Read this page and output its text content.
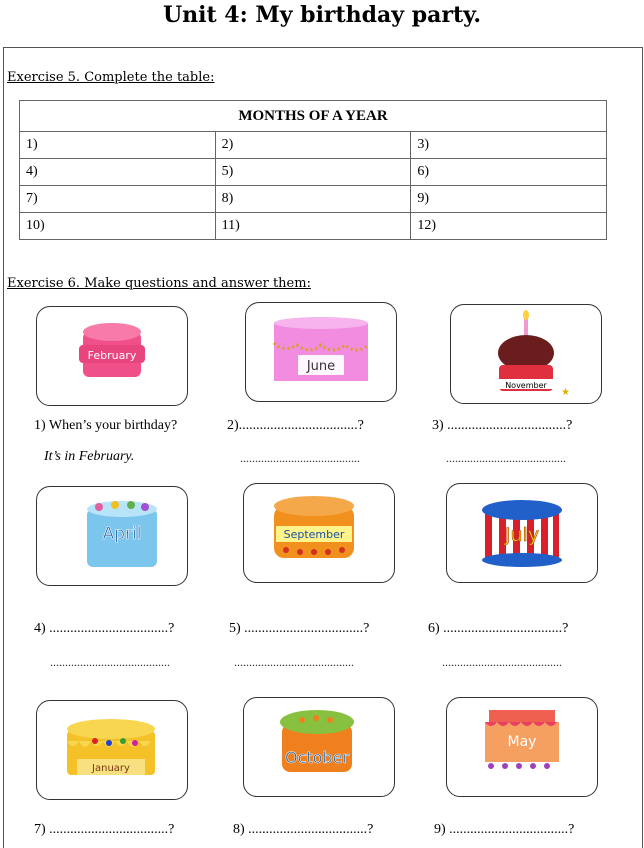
Unit 4: My birthday party.
Exercise 5. Complete the table:
MONTHS OF A YEAR		
1)	2)	3)
4)	5)	6)
7)	8)	9)
10)	11)	12)
Exercise 6. Make questions and answer them:
February
June
November
★
1) When’s your birthday?	2)..................................?	3) ..................................?
It’s in February.	........................................	........................................
April	September	July
4) ..................................?	5) ..................................?	6) ..................................?
........................................	........................................	........................................
January
October
May
7) ..................................?	8) ..................................?	9) ..................................?
